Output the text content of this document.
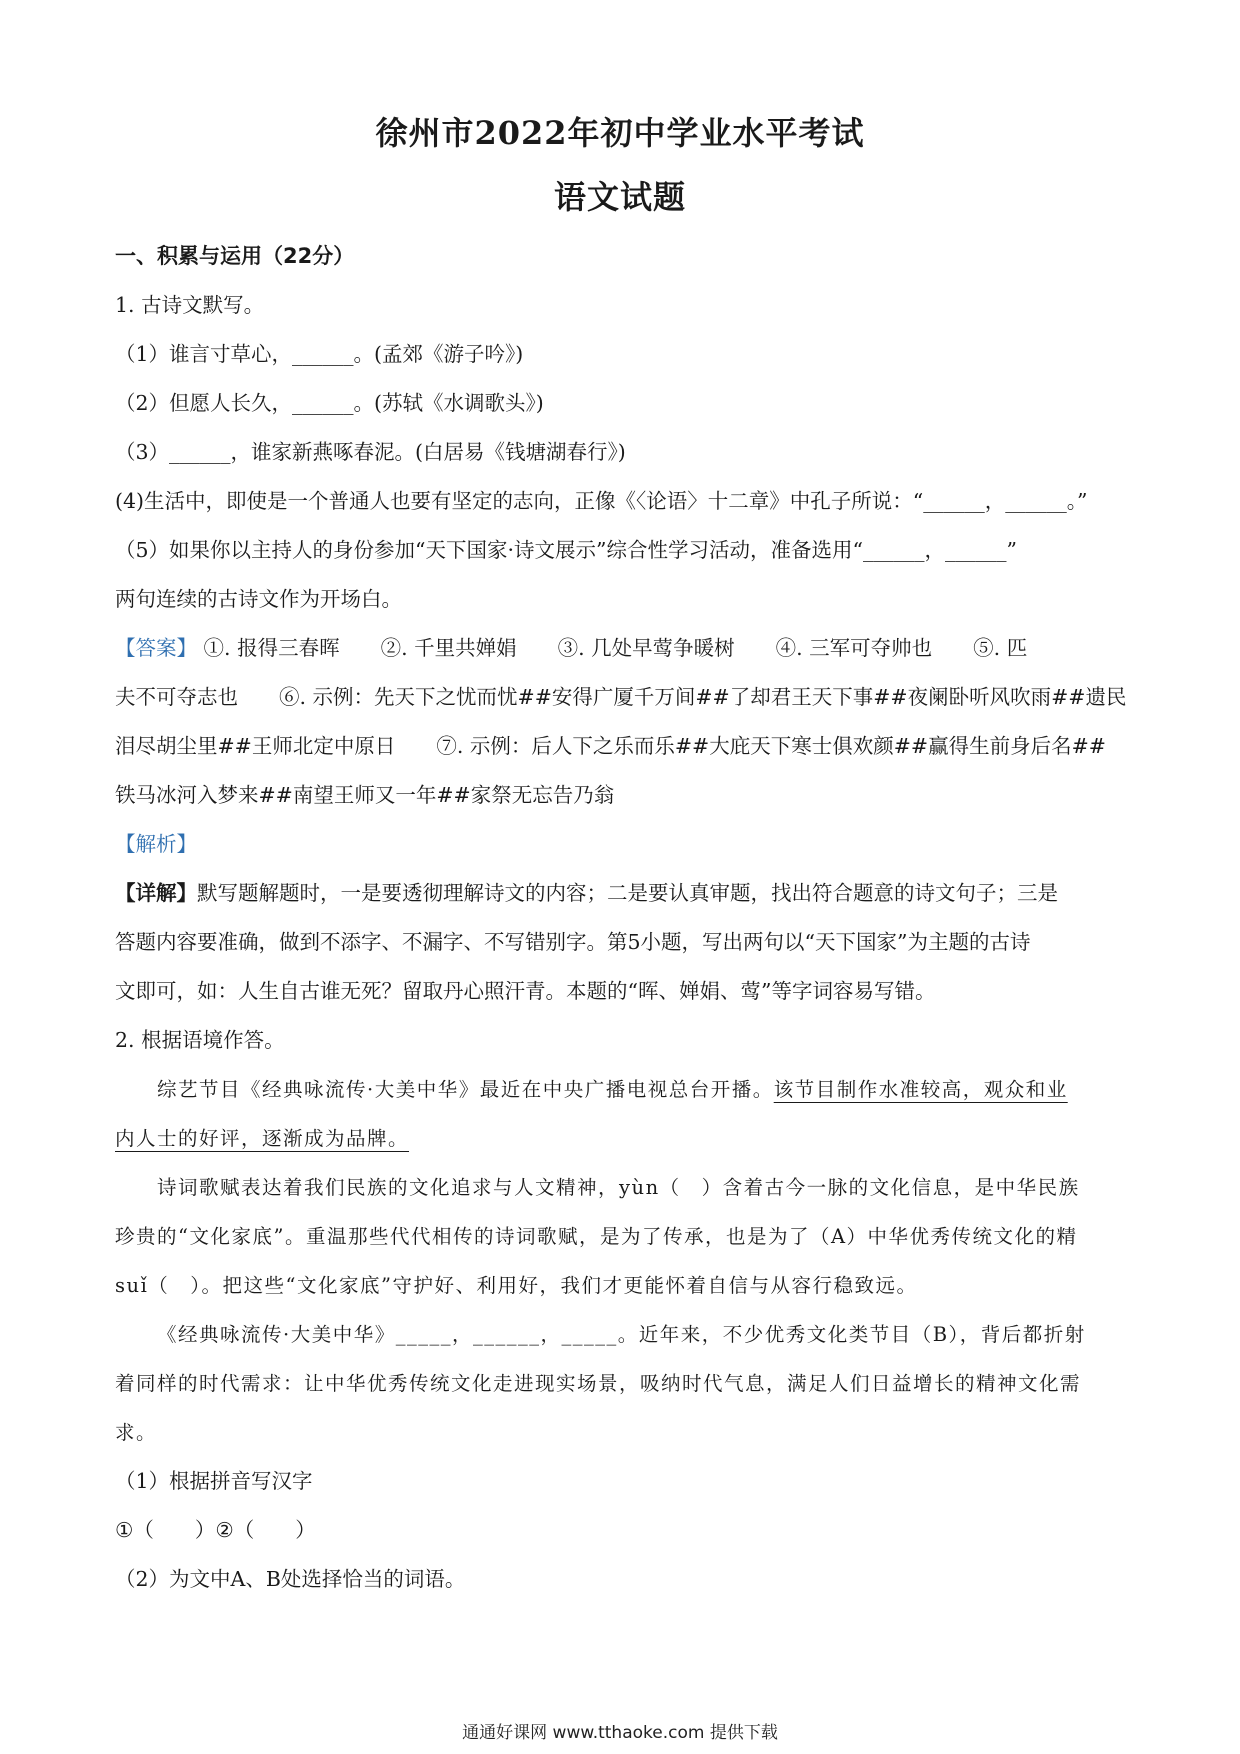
徐州市2022年初中学业水平考试
语文试题
一、积累与运用（22分）
1. 古诗文默写。
（1）谁言寸草心，______。(孟郊《游子吟》)
（2）但愿人长久，______。(苏轼《水调歌头》)
（3）______，谁家新燕啄春泥。(白居易《钱塘湖春行》)
(4)生活中，即使是一个普通人也要有坚定的志向，正像《〈论语〉十二章》中孔子所说：“______，______。”
（5）如果你以主持人的身份参加“天下国家·诗文展示”综合性学习活动，准备选用“______，______”
两句连续的古诗文作为开场白。
【答案】 ①. 报得三春晖　　②. 千里共婵娟　　③. 几处早莺争暖树　　④. 三军可夺帅也　　⑤. 匹
夫不可夺志也　　⑥. 示例：先天下之忧而忧##安得广厦千万间##了却君王天下事##夜阑卧听风吹雨##遗民
泪尽胡尘里##王师北定中原日　　⑦. 示例：后人下之乐而乐##大庇天下寒士俱欢颜##赢得生前身后名##
铁马冰河入梦来##南望王师又一年##家祭无忘告乃翁
【解析】
【详解】默写题解题时，一是要透彻理解诗文的内容；二是要认真审题，找出符合题意的诗文句子；三是
答题内容要准确，做到不添字、不漏字、不写错别字。第5小题，写出两句以“天下国家”为主题的古诗
文即可，如：人生自古谁无死？留取丹心照汗青。本题的“晖、婵娟、莺”等字词容易写错。
2. 根据语境作答。
综艺节目《经典咏流传·大美中华》最近在中央广播电视总台开播。该节目制作水准较高，观众和业
内人士的好评，逐渐成为品牌。
诗词歌赋表达着我们民族的文化追求与人文精神，yùn（　）含着古今一脉的文化信息，是中华民族
珍贵的“文化家底”。重温那些代代相传的诗词歌赋，是为了传承，也是为了（A）中华优秀传统文化的精
suǐ（　）。把这些“文化家底”守护好、利用好，我们才更能怀着自信与从容行稳致远。
《经典咏流传·大美中华》_____，______，_____。近年来，不少优秀文化类节目（B），背后都折射
着同样的时代需求：让中华优秀传统文化走进现实场景，吸纳时代气息，满足人们日益增长的精神文化需
求。
（1）根据拼音写汉字
①（　　）②（　　）
（2）为文中A、B处选择恰当的词语。
通通好课网 www.tthaoke.com 提供下载
